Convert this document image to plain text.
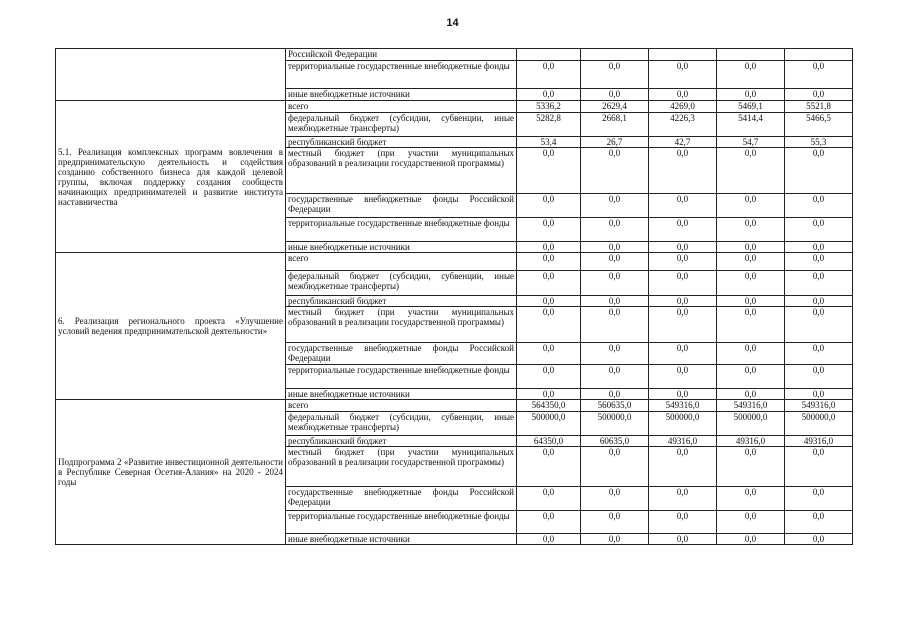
14
	Российской Федерации					
	территориальные государственные внебюджетные фонды	0,0	0,0	0,0	0,0	0,0
	иные внебюджетные источники	0,0	0,0	0,0	0,0	0,0
5.1. Реализация комплексных программ вовлечения в предпринимательскую деятельность и содействия созданию собственного бизнеса для каждой целевой группы, включая поддержку создания сообществ начинающих предпринимателей и развитие института наставничества	всего	5336,2	2629,4	4269,0	5469,1	5521,8
	федеральный бюджет (субсидии, субвенции, иные межбюджетные трансферты)	5282,8	2668,1	4226,3	5414,4	5466,5
	республиканский бюджет	53,4	26,7	42,7	54,7	55,3
	местный бюджет (при участии муниципальных образований в реализации государственной программы)	0,0	0,0	0,0	0,0	0,0
	государственные внебюджетные фонды Российской Федерации	0,0	0,0	0,0	0,0	0,0
	территориальные государственные внебюджетные фонды	0,0	0,0	0,0	0,0	0,0
	иные внебюджетные источники	0,0	0,0	0,0	0,0	0,0
6. Реализация регионального проекта «Улучшение условий ведения предпринимательской деятельности»	всего	0,0	0,0	0,0	0,0	0,0
	федеральный бюджет (субсидии, субвенции, иные межбюджетные трансферты)	0,0	0,0	0,0	0,0	0,0
	республиканский бюджет	0,0	0,0	0,0	0,0	0,0
	местный бюджет (при участии муниципальных образований в реализации государственной программы)	0,0	0,0	0,0	0,0	0,0
	государственные внебюджетные фонды Российской Федерации	0,0	0,0	0,0	0,0	0,0
	территориальные государственные внебюджетные фонды	0,0	0,0	0,0	0,0	0,0
	иные внебюджетные источники	0,0	0,0	0,0	0,0	0,0
Подпрограмма 2 «Развитие инвестиционной деятельности в Республике Северная Осетия-Алания» на 2020 - 2024 годы	всего	564350,0	560635,0	549316,0	549316,0	549316,0
	федеральный бюджет (субсидии, субвенции, иные межбюджетные трансферты)	500000,0	500000,0	500000,0	500000,0	500000,0
	республиканский бюджет	64350,0	60635,0	49316,0	49316,0	49316,0
	местный бюджет (при участии муниципальных образований в реализации государственной программы)	0,0	0,0	0,0	0,0	0,0
	государственные внебюджетные фонды Российской Федерации	0,0	0,0	0,0	0,0	0,0
	территориальные государственные внебюджетные фонды	0,0	0,0	0,0	0,0	0,0
	иные внебюджетные источники	0,0	0,0	0,0	0,0	0,0
